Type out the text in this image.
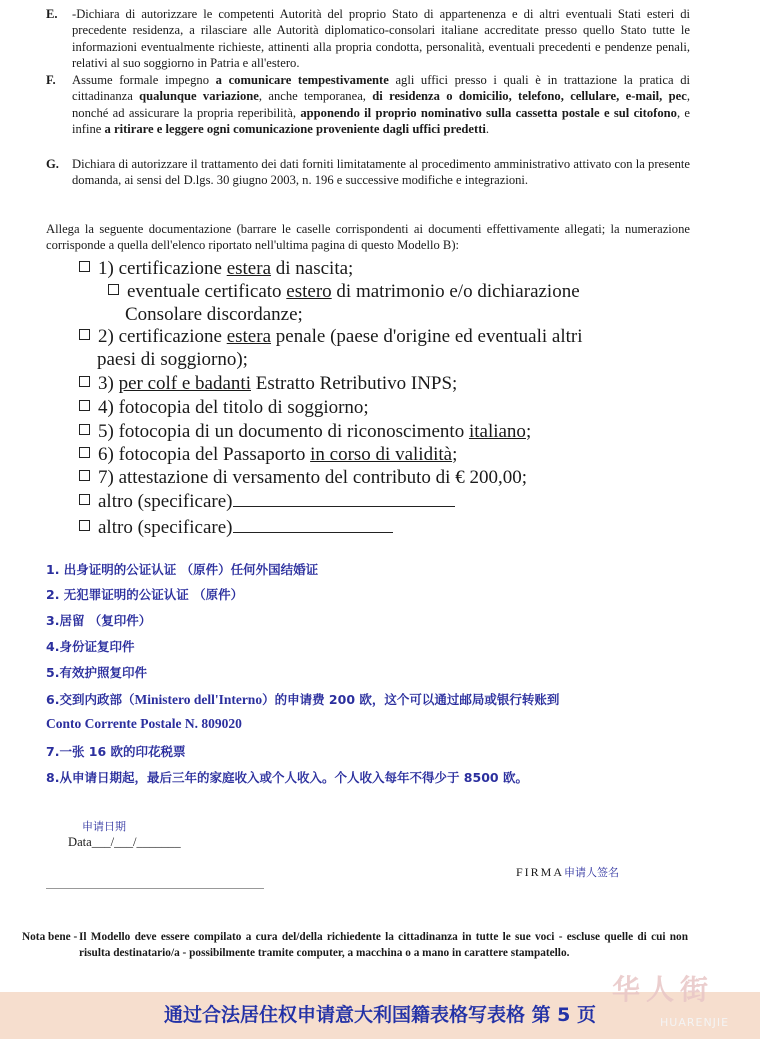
E. -Dichiara di autorizzare le competenti Autorità del proprio Stato di appartenenza e di altri eventuali Stati esteri di precedente residenza, a rilasciare alle Autorità diplomatico-consolari italiane accreditate presso quello Stato tutte le informazioni eventualmente richieste, attinenti alla propria condotta, personalità, eventuali precedenti e pendenze penali, relativi al suo soggiorno in Patria e all'estero.
F. Assume formale impegno a comunicare tempestivamente agli uffici presso i quali è in trattazione la pratica di cittadinanza qualunque variazione, anche temporanea, di residenza o domicilio, telefono, cellulare, e-mail, pec, nonché ad assicurare la propria reperibilità, apponendo il proprio nominativo sulla cassetta postale e sul citofono, e infine a ritirare e leggere ogni comunicazione proveniente dagli uffici predetti.
G. Dichiara di autorizzare il trattamento dei dati forniti limitatamente al procedimento amministrativo attivato con la presente domanda, ai sensi del D.lgs. 30 giugno 2003, n. 196 e successive modifiche e integrazioni.
Allega la seguente documentazione (barrare le caselle corrispondenti ai documenti effettivamente allegati; la numerazione corrisponde a quella dell'elenco riportato nell'ultima pagina di questo Modello B):
1) certificazione estera di nascita;
eventuale certificato estero di matrimonio e/o dichiarazione
Consolare discordanze;
2) certificazione estera penale (paese d'origine ed eventuali altri
paesi di soggiorno);
3) per colf e badanti Estratto Retributivo INPS;
4) fotocopia del titolo di soggiorno;
5) fotocopia di un documento di riconoscimento italiano;
6) fotocopia del Passaporto in corso di validità;
7) attestazione di versamento del contributo di € 200,00;
altro (specificare)
altro (specificare)
1. 出身证明的公证认证 （原件）任何外国结婚证
2. 无犯罪证明的公证认证 （原件）
3.居留 （复印件）
4.身份证复印件
5.有效护照复印件
6.交到内政部（Ministero dell'Interno）的申请费 200 欧，这个可以通过邮局或银行转账到
Conto Corrente Postale N. 809020
7.一张 16 欧的印花税票
8.从申请日期起，最后三年的家庭收入或个人收入。个人收入每年不得少于 8500 欧。
申请日期
Data___/___/_______
FIRMA申请人签名
Nota bene - Il Modello deve essere compilato a cura del/della richiedente la cittadinanza in tutte le sue voci - escluse quelle di cui non risulta destinatario/a - possibilmente tramite computer, a macchina o a mano in carattere stampatello.
通过合法居住权申请意大利国籍表格写表格 第 5 页
华人街
HUARENJIE
